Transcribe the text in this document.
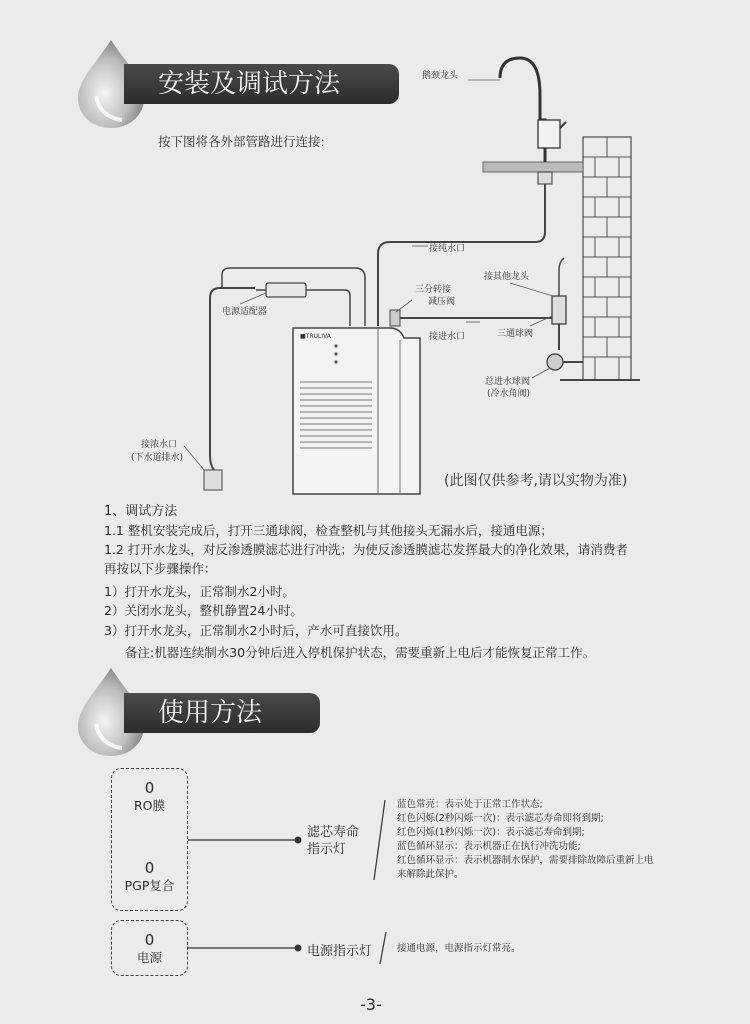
安装及调试方法
按下图将各外部管路进行连接:
鹅颈龙头
接纯水口
接其他龙头
电源适配器
三分转接
减压阀
接进水口	三通球阀
总进水球阀
(冷水角阀)
接浓水口
(下水道排水)
■TRULIVA
(此图仅供参考,请以实物为准)
1、调试方法
1.1 整机安装完成后，打开三通球阀，检查整机与其他接头无漏水后，接通电源；
1.2 打开水龙头，对反渗透膜滤芯进行冲洗；为使反渗透膜滤芯发挥最大的净化效果，请消费者
再按以下步骤操作：
1）打开水龙头，正常制水2小时。
2）关闭水龙头，整机静置24小时。
3）打开水龙头，正常制水2小时后，产水可直接饮用。
备注:机器连续制水30分钟后进入停机保护状态，需要重新上电后才能恢复正常工作。
使用方法
0
RO膜
0
PGP复合
0
电源
滤芯寿命
指示灯
蓝色常亮：表示处于正常工作状态;
红色闪烁(2秒闪烁一次)：表示滤芯寿命即将到期;
红色闪烁(1秒闪烁一次)：表示滤芯寿命到期;
蓝色循环显示：表示机器正在执行冲洗功能;
红色循环显示：表示机器制水保护，需要排除故障后重新上电
来解除此保护。
电源指示灯	接通电源，电源指示灯常亮。
-3-
